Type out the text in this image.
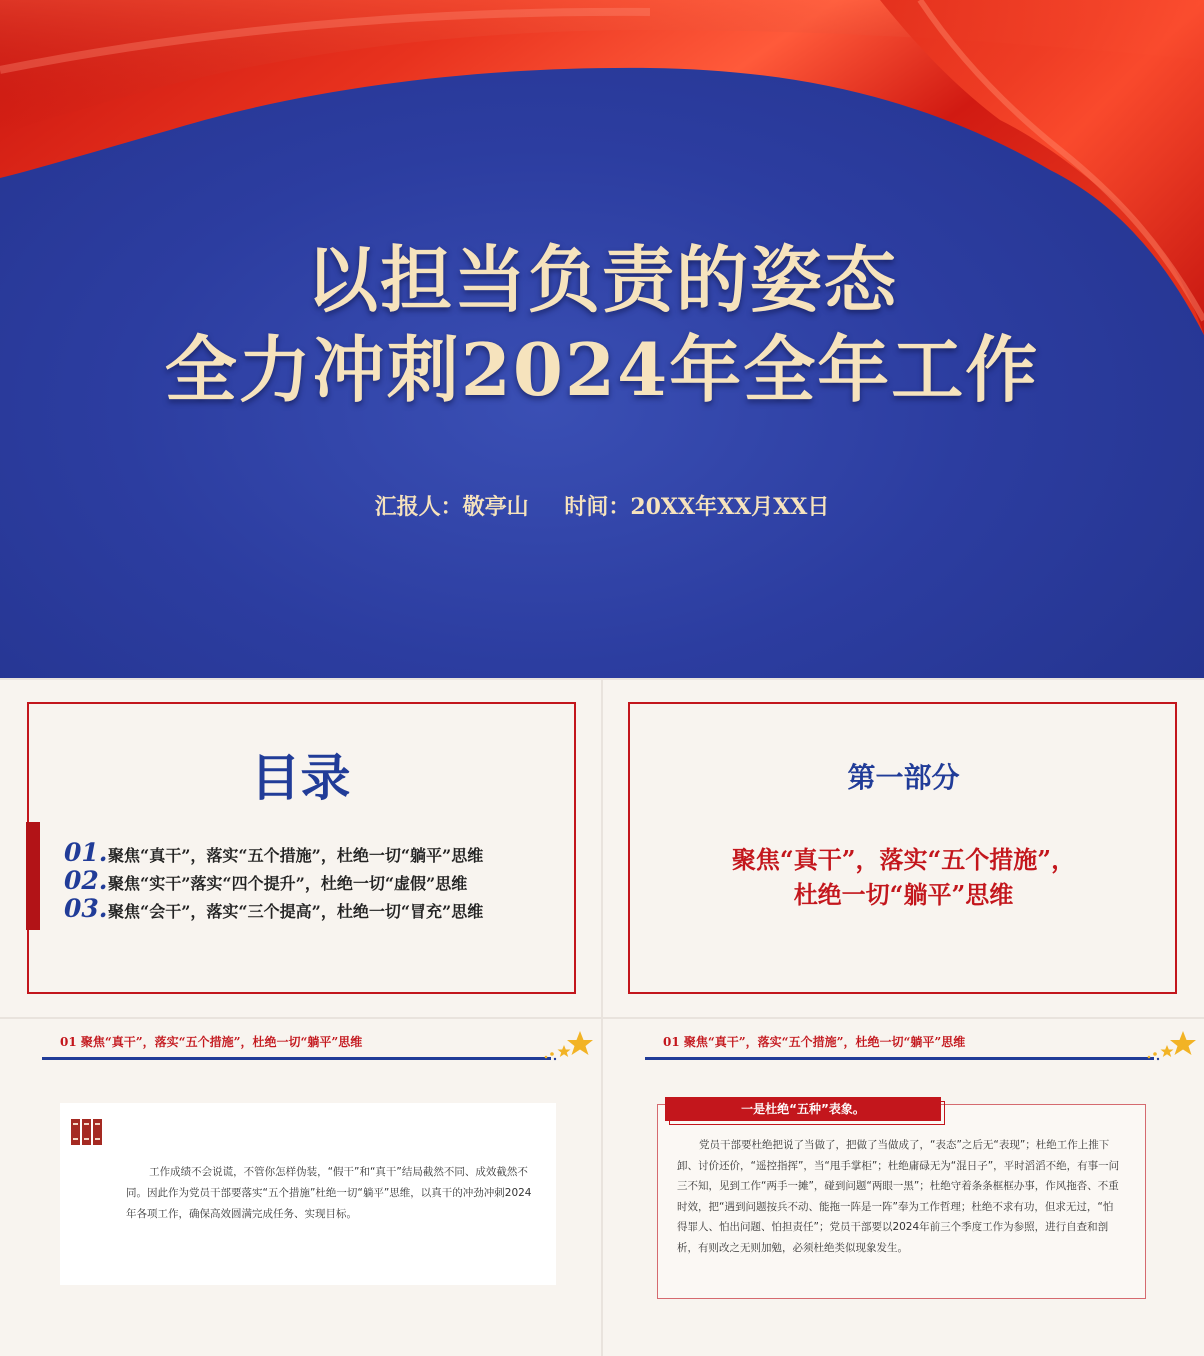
以担当负责的姿态
全力冲刺2024年全年工作
汇报人：敬亭山 时间：20XX年XX月XX日
目录
01. 聚焦“真干”，落实“五个措施”，杜绝一切“躺平”思维
02. 聚焦“实干”落实“四个提升”，杜绝一切“虚假”思维
03. 聚焦“会干”，落实“三个提高”，杜绝一切“冒充”思维
第一部分
聚焦“真干”，落实“五个措施”，
杜绝一切“躺平”思维
01 聚焦“真干”，落实“五个措施”，杜绝一切“躺平”思维
工作成绩不会说谎，不管你怎样伪装，“假干”和“真干”结局截然不同、成效截然不同。因此作为党员干部要落实“五个措施”杜绝一切“躺平”思维，以真干的冲劲冲刺2024年各项工作，确保高效圆满完成任务、实现目标。
01 聚焦“真干”，落实“五个措施”，杜绝一切“躺平”思维
一是杜绝“五种”表象。
党员干部要杜绝把说了当做了，把做了当做成了，“表态”之后无“表现”；杜绝工作上推下卸、讨价还价，“遥控指挥”，当“甩手掌柜”；杜绝庸碌无为“混日子”，平时滔滔不绝，有事一问三不知，见到工作“两手一摊”，碰到问题“两眼一黑”；杜绝守着条条框框办事，作风拖沓、不重时效，把“遇到问题按兵不动、能拖一阵是一阵”奉为工作哲理；杜绝不求有功，但求无过，“怕得罪人、怕出问题、怕担责任”；党员干部要以2024年前三个季度工作为参照，进行自查和剖析，有则改之无则加勉，必须杜绝类似现象发生。
